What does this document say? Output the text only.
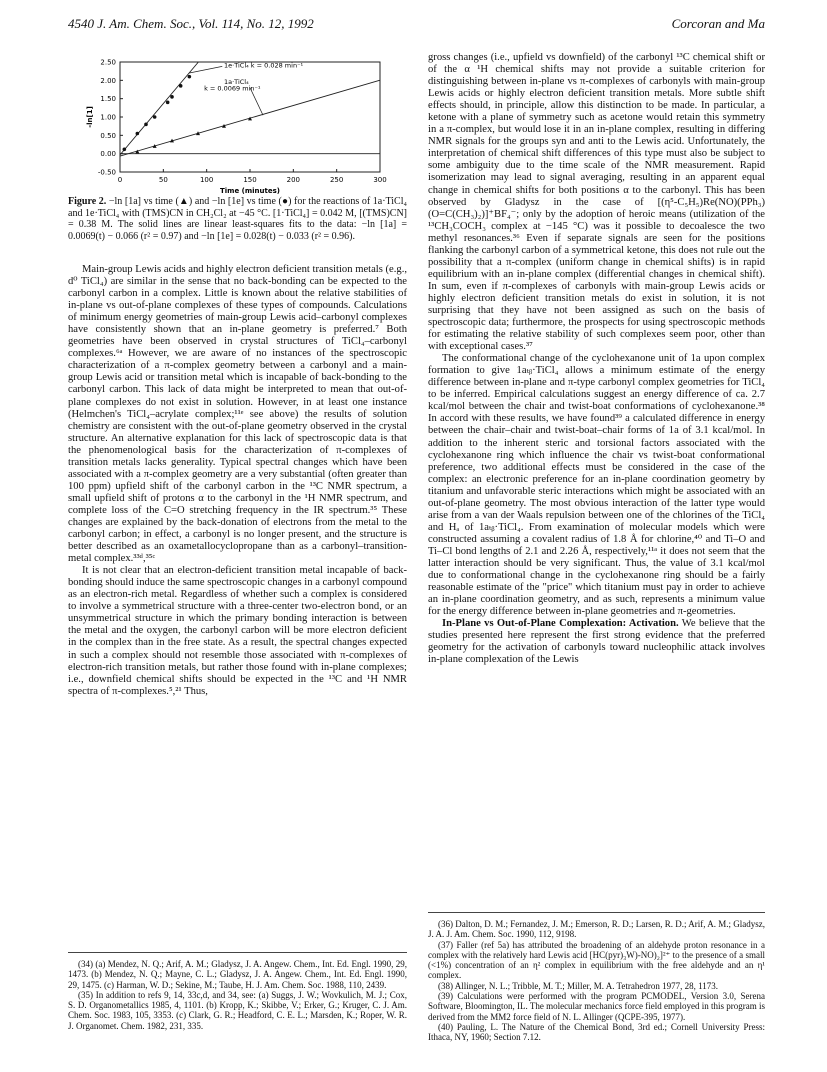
4540 J. Am. Chem. Soc., Vol. 114, No. 12, 1992	Corcoran and Ma
0	50	100	150	200	250	300
-0.50
0.00
0.50
1.00
1.50
2.00
2.50
-ln[1]
Time (minutes)
1e·TiCl₄ k = 0.028 min⁻¹
1a·TiCl₄
k = 0.0069 min⁻¹
Figure 2. −ln [1a] vs time (▲) and −ln [1e] vs time (●) for the reactions of 1a·TiCl₄ and 1e·TiCl₄ with (TMS)CN in CH₂Cl₂ at −45 °C. [1·TiCl₄] = 0.042 M, [(TMS)CN] = 0.38 M. The solid lines are linear least-squares fits to the data: −ln [1a] = 0.0069(t) − 0.066 (r² = 0.97) and −ln [1e] = 0.028(t) − 0.033 (r² = 0.96).

Main-group Lewis acids and highly electron deficient transition metals (e.g., d⁰ TiCl₄) are similar in the sense that no back-bonding can be expected to the carbonyl carbon in a complex. Little is known about the relative stabilities of in-plane vs out-of-plane complexes of these types of compounds. Calculations of minimum energy geometries of main-group Lewis acid–carbonyl complexes have consistently shown that an in-plane geometry is preferred.⁷ Both geometries have been observed in crystal structures of TiCl₄–carbonyl complexes.⁶ᵃ However, we are aware of no instances of the spectroscopic characterization of a π-complex geometry between a carbonyl and a main-group Lewis acid or transition metal which is incapable of back-bonding to the carbonyl carbon. This lack of data might be interpreted to mean that out-of-plane complexes do not exist in solution. However, in at least one instance (Helmchen's TiCl₄–acrylate complex;¹¹ᵉ see above) the results of solution chemistry are consistent with the out-of-plane geometry observed in the crystal structure. An alternative explanation for this lack of spectroscopic data is that the phenomenological basis for the characterization of π-complexes of transition metals lacks generality. Typical spectral changes which have been associated with a π-complex geometry are a very substantial (often greater than 100 ppm) upfield shift of the carbonyl carbon in the ¹³C NMR spectrum, a small upfield shift of protons α to the carbonyl in the ¹H NMR spectrum, and complete loss of the C=O stretching frequency in the IR spectrum.³⁵ These changes are explained by the back-donation of electrons from the metal to the carbonyl carbon; in effect, a carbonyl is no longer present, and the structure is better described as an oxametallocyclopropane than as a carbonyl–transition-metal complex.³³ᵈ,³⁵ᶜ

It is not clear that an electron-deficient transition metal incapable of back-bonding should induce the same spectroscopic changes in a carbonyl compound as an electron-rich metal. Regardless of whether such a complex is considered to involve a symmetrical structure with a three-center two-electron bond, or an unsymmetrical structure in which the primary bonding interaction is between the metal and the oxygen, the carbonyl carbon will be more electron deficient in the complex than in the free state. As a result, the spectral changes expected in such a complex should not resemble those associated with π-complexes of electron-rich transition metals, but rather those found with in-plane complexes; i.e., downfield chemical shifts should be expected in the ¹³C and ¹H NMR spectra of π-complexes.⁵,²¹ Thus,

gross changes (i.e., upfield vs downfield) of the carbonyl ¹³C chemical shift or of the α ¹H chemical shifts may not provide a suitable criterion for distinguishing between in-plane vs π-complexes of carbonyls with main-group Lewis acids or highly electron deficient transition metals. More subtle shift effects should, in principle, allow this distinction to be made. In particular, a ketone with a plane of symmetry such as acetone would retain this symmetry in a π-complex, but would lose it in an in-plane complex, resulting in differing NMR signals for the groups syn and anti to the Lewis acid. Unfortunately, the interpretation of chemical shift differences of this type must also be subject to some ambiguity due to the time scale of the NMR measurement. Rapid isomerization may lead to signal averaging, resulting in an apparent equal change in chemical shifts for both positions α to the carbonyl. This has been observed by Gladysz in the case of [(η⁵-C₅H₅)Re(NO)(PPh₃)(O=C(CH₃)₂)]⁺BF₄⁻; only by the adoption of heroic means (utilization of the ¹³CH₃COCH₃ complex at −145 °C) was it possible to decoalesce the two methyl resonances.³⁶ Even if separate signals are seen for the positions flanking the carbonyl carbon of a symmetrical ketone, this does not rule out the possibility that a π-complex (uniform change in chemical shifts) is in rapid equilibrium with an in-plane complex (differential changes in chemical shift). In sum, even if π-complexes of carbonyls with main-group Lewis acids or highly electron deficient transition metals do exist in solution, it is not surprising that they have not been assigned as such on the basis of spectroscopic data; furthermore, the prospects for using spectroscopic methods for estimating the relative stability of such complexes seem poor, other than with exceptional cases.³⁷

The conformational change of the cyclohexanone unit of 1a upon complex formation to give 1aₜᵦ·TiCl₄ allows a minimum estimate of the energy difference between in-plane and π-type carbonyl complex geometries for TiCl₄ to be inferred. Empirical calculations suggest an energy difference of ca. 2.7 kcal/mol between the chair and twist-boat conformations of cyclohexanone.³⁸ In accord with these results, we have found³⁹ a calculated difference in energy between the chair–chair and twist-boat–chair forms of 1a of 3.1 kcal/mol. In addition to the inherent steric and torsional factors associated with the cyclohexanone ring which influence the chair vs twist-boat conformational preference, two additional effects must be considered in the case of the complex: an electronic preference for an in-plane coordination geometry by titanium and unfavorable steric interactions which might be associated with an out-of-plane geometry. The most obvious interaction of the latter type would arise from a van der Waals repulsion between one of the chlorines of the TiCl₄ and Hₐ of 1aₜᵦ·TiCl₄. From examination of molecular models which were constructed assuming a covalent radius of 1.8 Å for chlorine,⁴⁰ and Ti–O and Ti–Cl bond lengths of 2.1 and 2.26 Å, respectively,¹¹ᵃ it does not seem that the latter interaction should be very significant. Thus, the value of 3.1 kcal/mol due to conformational change in the cyclohexanone ring should be a fairly reasonable estimate of the "price" which titanium must pay in order to achieve an in-plane coordination geometry, and as such, represents a minimum value for the energy difference between in-plane geometries and π-geometries.

In-Plane vs Out-of-Plane Complexation: Activation. We believe that the studies presented here represent the first strong evidence that the preferred geometry for the activation of carbonyls toward nucleophilic attack involves in-plane complexation of the Lewis

(34) (a) Mendez, N. Q.; Arif, A. M.; Gladysz, J. A. Angew. Chem., Int. Ed. Engl. 1990, 29, 1473. (b) Mendez, N. Q.; Mayne, C. L.; Gladysz, J. A. Angew. Chem., Int. Ed. Engl. 1990, 29, 1475. (c) Harman, W. D.; Sekine, M.; Taube, H. J. Am. Chem. Soc. 1988, 110, 2439.

(35) In addition to refs 9, 14, 33c,d, and 34, see: (a) Suggs, J. W.; Wovkulich, M. J.; Cox, S. D. Organometallics 1985, 4, 1101. (b) Kropp, K.; Skibbe, V.; Erker, G.; Kruger, C. J. Am. Chem. Soc. 1983, 105, 3353. (c) Clark, G. R.; Headford, C. E. L.; Marsden, K.; Roper, W. R. J. Organomet. Chem. 1982, 231, 335.

(36) Dalton, D. M.; Fernandez, J. M.; Emerson, R. D.; Larsen, R. D.; Arif, A. M.; Gladysz, J. A. J. Am. Chem. Soc. 1990, 112, 9198.

(37) Faller (ref 5a) has attributed the broadening of an aldehyde proton resonance in a complex with the relatively hard Lewis acid [HC(pyr)₃W)-NO)₂]²⁺ to the presence of a small (<1%) concentration of an η² complex in equilibrium with the free aldehyde and an η¹ complex.

(38) Allinger, N. L.; Tribble, M. T.; Miller, M. A. Tetrahedron 1977, 28, 1173.

(39) Calculations were performed with the program PCMODEL, Version 3.0, Serena Software, Bloomington, IL. The molecular mechanics force field employed in this program is derived from the MM2 force field of N. L. Allinger (QCPE-395, 1977).

(40) Pauling, L. The Nature of the Chemical Bond, 3rd ed.; Cornell University Press: Ithaca, NY, 1960; Section 7.12.
